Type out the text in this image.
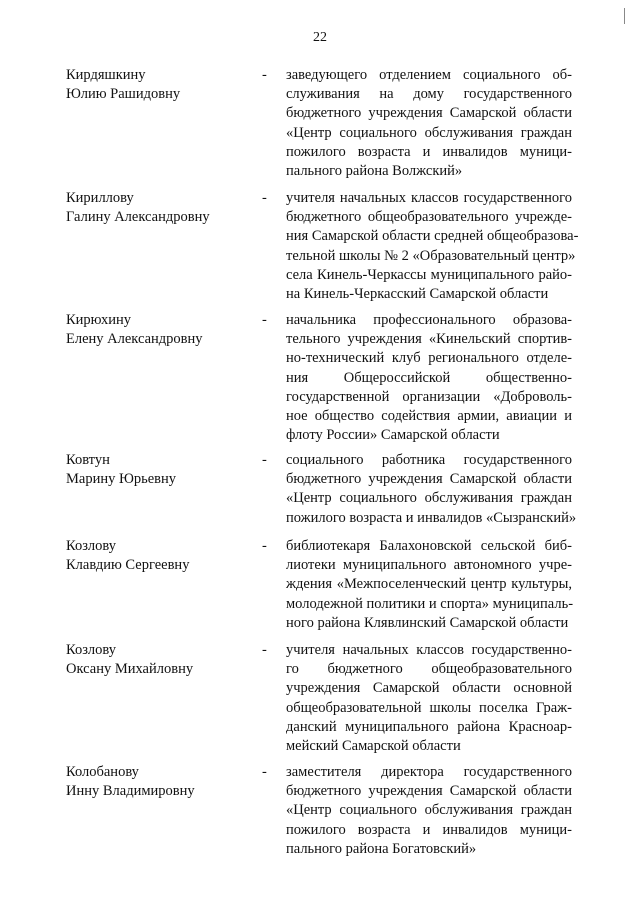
22
Кирдяшкину
Юлию Рашидовну
- заведующего отделением социального об-
служивания на дому государственного
бюджетного учреждения Самарской области
«Центр социального обслуживания граждан
пожилого возраста и инвалидов муници-
пального района Волжский»
Кириллову
Галину Александровну
- учителя начальных классов государственного
бюджетного общеобразовательного учрежде-
ния Самарской области средней общеобразова-
тельной школы № 2 «Образовательный центр»
села Кинель-Черкассы муниципального райо-
на Кинель-Черкасский Самарской области
Кирюхину
Елену Александровну
- начальника профессионального образова-
тельного учреждения «Кинельский спортив-
но-технический клуб регионального отделе-
ния Общероссийской общественно-
государственной организации «Доброволь-
ное общество содействия армии, авиации и
флоту России» Самарской области
Ковтун
Марину Юрьевну
- социального работника государственного
бюджетного учреждения Самарской области
«Центр социального обслуживания граждан
пожилого возраста и инвалидов «Сызранский»
Козлову
Клавдию Сергеевну
- библиотекаря Балахоновской сельской биб-
лиотеки муниципального автономного учре-
ждения «Межпоселенческий центр культуры,
молодежной политики и спорта» муниципаль-
ного района Клявлинский Самарской области
Козлову
Оксану Михайловну
- учителя начальных классов государственно-
го бюджетного общеобразовательного
учреждения Самарской области основной
общеобразовательной школы поселка Граж-
данский муниципального района Красноар-
мейский Самарской области
Колобанову
Инну Владимировну
- заместителя директора государственного
бюджетного учреждения Самарской области
«Центр социального обслуживания граждан
пожилого возраста и инвалидов муници-
пального района Богатовский»
